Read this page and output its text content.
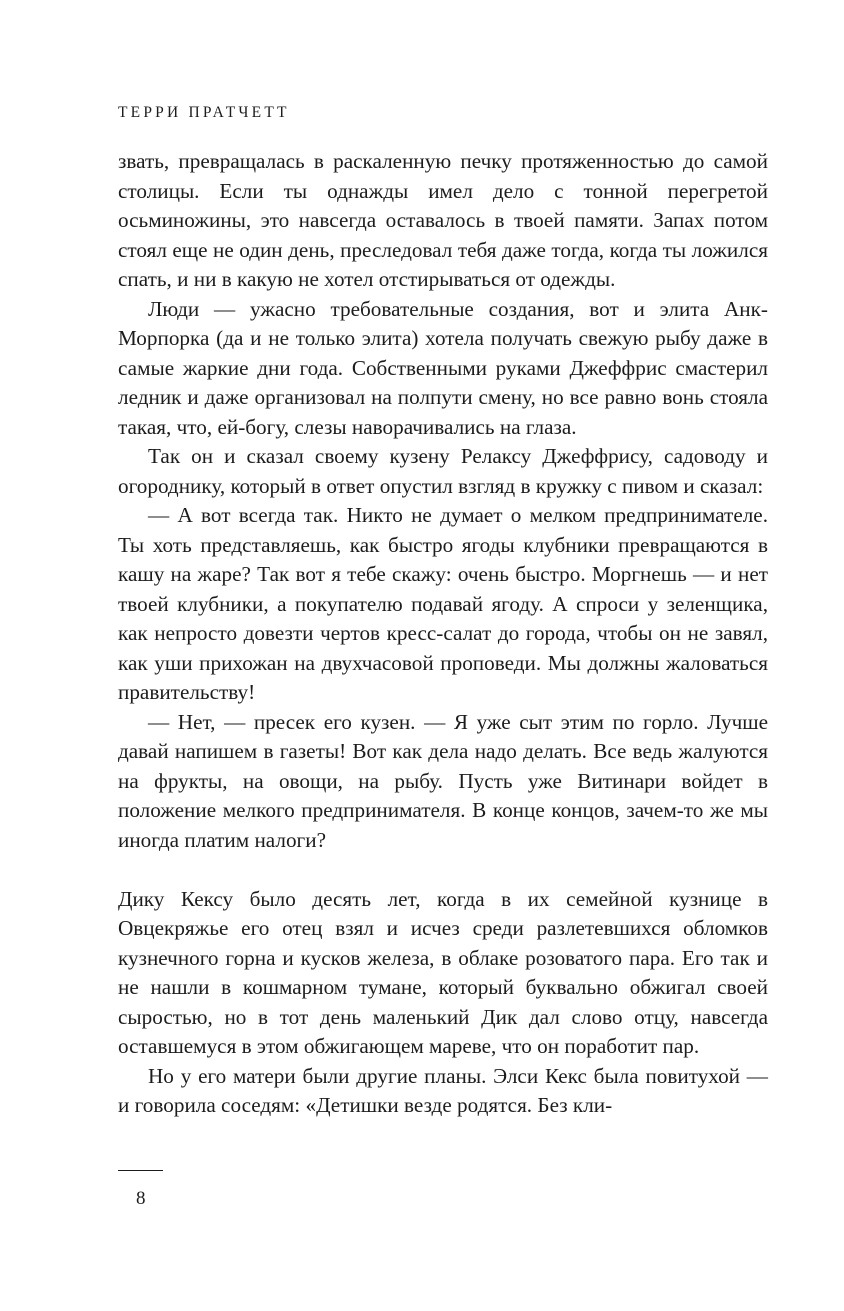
ТЕРРИ ПРАТЧЕТТ

звать, превращалась в раскаленную печку протяженностью до самой столицы. Если ты однажды имел дело с тонной перегретой осьминожины, это навсегда оставалось в твоей памяти. Запах потом стоял еще не один день, преследовал тебя даже тогда, когда ты ложился спать, и ни в какую не хотел отстирываться от одежды.

Люди — ужасно требовательные создания, вот и элита Анк-Морпорка (да и не только элита) хотела получать свежую рыбу даже в самые жаркие дни года. Собственными руками Джеффрис смастерил ледник и даже организовал на полпути смену, но все равно вонь стояла такая, что, ей-богу, слезы наворачивались на глаза.

Так он и сказал своему кузену Релаксу Джеффрису, садоводу и огороднику, который в ответ опустил взгляд в кружку с пивом и сказал:

— А вот всегда так. Никто не думает о мелком предпринимателе. Ты хоть представляешь, как быстро ягоды клубники превращаются в кашу на жаре? Так вот я тебе скажу: очень быстро. Моргнешь — и нет твоей клубники, а покупателю подавай ягоду. А спроси у зеленщика, как непросто довезти чертов кресс-салат до города, чтобы он не завял, как уши прихожан на двухчасовой проповеди. Мы должны жаловаться правительству!

— Нет, — пресек его кузен. — Я уже сыт этим по горло. Лучше давай напишем в газеты! Вот как дела надо делать. Все ведь жалуются на фрукты, на овощи, на рыбу. Пусть уже Витинари войдет в положение мелкого предпринимателя. В конце концов, зачем-то же мы иногда платим налоги?

Дику Кексу было десять лет, когда в их семейной кузнице в Овцекряжье его отец взял и исчез среди разлетевшихся обломков кузнечного горна и кусков железа, в облаке розоватого пара. Его так и не нашли в кошмарном тумане, который буквально обжигал своей сыростью, но в тот день маленький Дик дал слово отцу, навсегда оставшемуся в этом обжигающем мареве, что он поработит пар.

Но у его матери были другие планы. Элси Кекс была повитухой — и говорила соседям: «Детишки везде родятся. Без кли-

8
